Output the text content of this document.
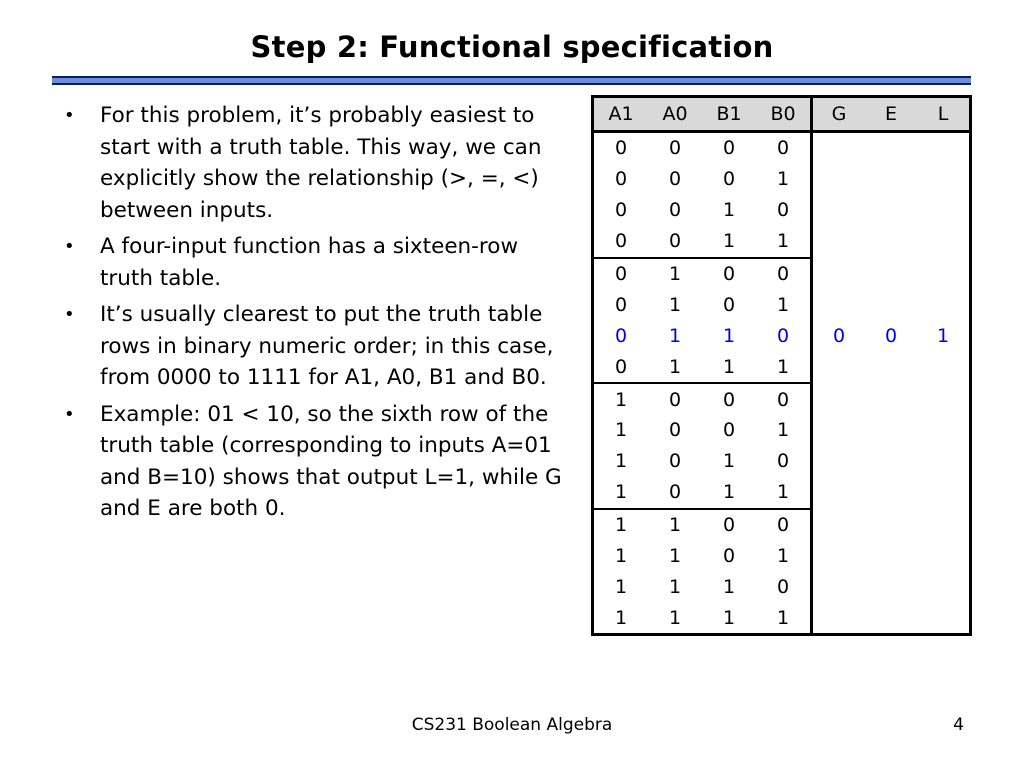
Step 2: Functional specification
• For this problem, it’s probably easiest to start with a truth table. This way, we can explicitly show the relationship (>, =, <) between inputs.
• A four-input function has a sixteen-row truth table.
• It’s usually clearest to put the truth table rows in binary numeric order; in this case, from 0000 to 1111 for A1, A0, B1 and B0.
• Example: 01 < 10, so the sixth row of the truth table (corresponding to inputs A=01 and B=10) shows that output L=1, while G and E are both 0.
A1	A0	B1	B0	G	E	L
0	0	0	0			
0	0	0	1			
0	0	1	0			
0	0	1	1			
0	1	0	0			
0	1	0	1			
0	1	1	0	0	0	1
0	1	1	1			
1	0	0	0			
1	0	0	1			
1	0	1	0			
1	0	1	1			
1	1	0	0			
1	1	0	1			
1	1	1	0			
1	1	1	1			
CS231 Boolean Algebra	4
